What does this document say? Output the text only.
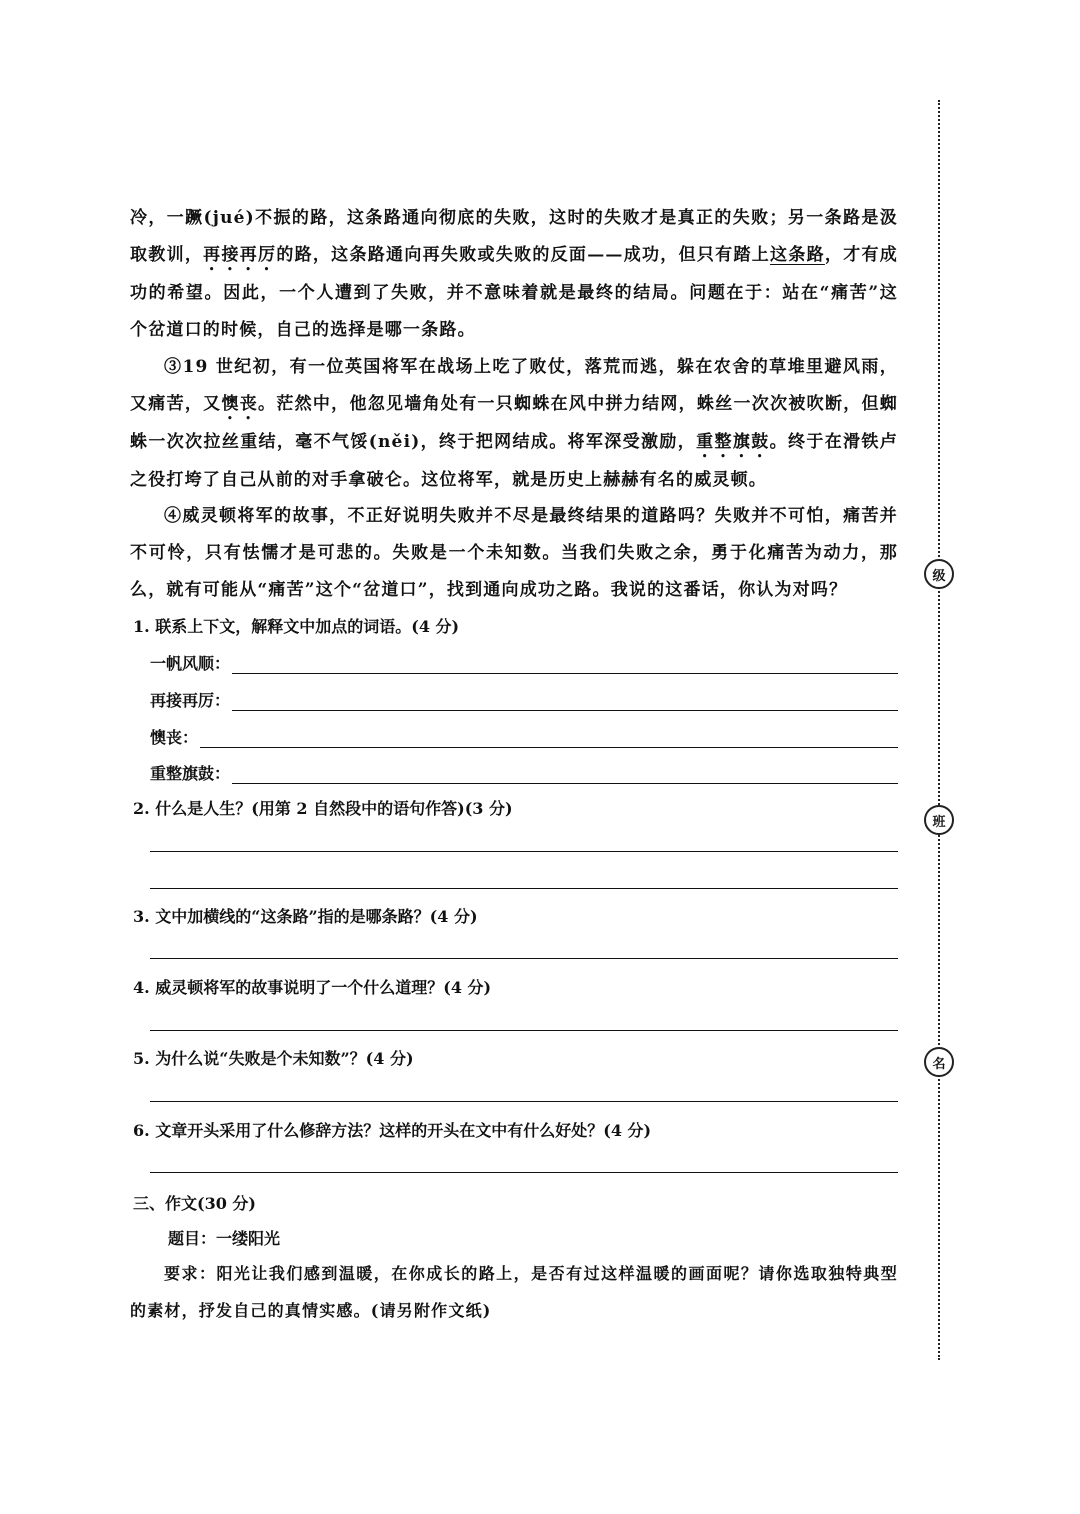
冷，一蹶(jué)不振的路，这条路通向彻底的失败，这时的失败才是真正的失败；另一条路是汲取教训，再接再厉的路，这条路通向再失败或失败的反面——成功，但只有踏上这条路，才有成功的希望。因此，一个人遭到了失败，并不意味着就是最终的结局。问题在于：站在“痛苦”这个岔道口的时候，自己的选择是哪一条路。

③19 世纪初，有一位英国将军在战场上吃了败仗，落荒而逃，躲在农舍的草堆里避风雨，又痛苦，又懊丧。茫然中，他忽见墙角处有一只蜘蛛在风中拼力结网，蛛丝一次次被吹断，但蜘蛛一次次拉丝重结，毫不气馁(něi)，终于把网结成。将军深受激励，重整旗鼓。终于在滑铁卢之役打垮了自己从前的对手拿破仑。这位将军，就是历史上赫赫有名的威灵顿。

④威灵顿将军的故事，不正好说明失败并不尽是最终结果的道路吗？失败并不可怕，痛苦并不可怜，只有怯懦才是可悲的。失败是一个未知数。当我们失败之余，勇于化痛苦为动力，那么，就有可能从“痛苦”这个“岔道口”，找到通向成功之路。我说的这番话，你认为对吗？

1. 联系上下文，解释文中加点的词语。(4 分)

一帆风顺：
再接再厉：
懊丧：
重整旗鼓：

2. 什么是人生？(用第 2 自然段中的语句作答)(3 分)

3. 文中加横线的“这条路”指的是哪条路？(4 分)

4. 威灵顿将军的故事说明了一个什么道理？(4 分)

5. 为什么说“失败是个未知数”？(4 分)

6. 文章开头采用了什么修辞方法？这样的开头在文中有什么好处？(4 分)

三、作文(30 分)

题目：一缕阳光

要求：阳光让我们感到温暖，在你成长的路上，是否有过这样温暖的画面呢？请你选取独特典型的素材，抒发自己的真情实感。(请另附作文纸)

级
班
名
